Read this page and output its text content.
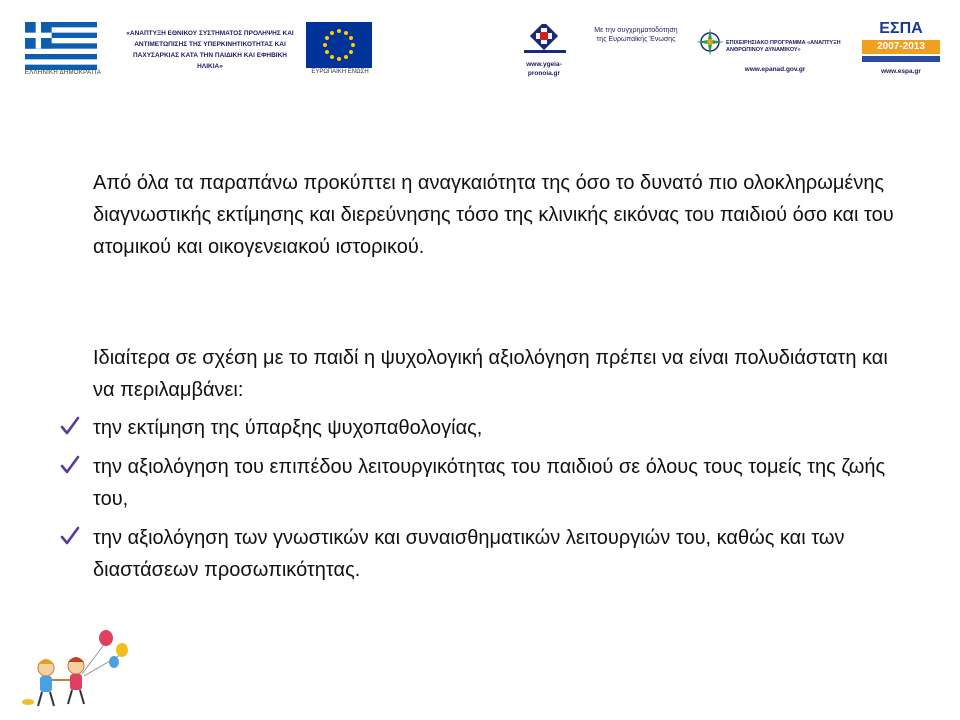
ΕΛΛΗΝΙΚΗ ΔΗΜΟΚΡΑΤΙΑ
«ΑΝΑΠΤΥΞΗ ΕΘΝΙΚΟΥ ΣΥΣΤΗΜΑΤΟΣ ΠΡΟΛΗΨΗΣ ΚΑΙ ΑΝΤΙΜΕΤΩΠΙΣΗΣ ΤΗΣ ΥΠΕΡΚΙΝΗΤΙΚΟΤΗΤΑΣ ΚΑΙ ΠΑΧΥΣΑΡΚΙΑΣ ΚΑΤΑ ΤΗΝ ΠΑΙΔΙΚΗ ΚΑΙ ΕΦΗΒΙΚΗ ΗΛΙΚΙΑ»
ΕΥΡΩΠΑΪΚΗ ΕΝΩΣΗ
www.ygeia-pronoia.gr
Με την συγχρηματοδότηση της Ευρωπαϊκής Ένωσης	ΕΠΙΧΕΙΡΗΣΙΑΚΟ ΠΡΟΓΡΑΜΜΑ «ΑΝΑΠΤΥΞΗ ΑΝΘΡΩΠΙΝΟΥ ΔΥΝΑΜΙΚΟΥ»
www.epanad.gov.gr
ΕΣΠΑ
2007-2013
www.espa.gr
Από όλα τα παραπάνω προκύπτει η αναγκαιότητα της όσο το δυνατό πιο ολοκληρωμένης διαγνωστικής εκτίμησης και διερεύνησης τόσο της κλινικής εικόνας του παιδιού όσο και του ατομικού και οικογενειακού ιστορικού.
Ιδιαίτερα σε σχέση με το παιδί η ψυχολογική αξιολόγηση πρέπει να είναι πολυδιάστατη και να περιλαμβάνει:
την εκτίμηση της ύπαρξης ψυχοπαθολογίας,
την αξιολόγηση του επιπέδου λειτουργικότητας του παιδιού σε όλους τους τομείς της ζωής του,
την αξιολόγηση των γνωστικών και συναισθηματικών λειτουργιών του, καθώς και των διαστάσεων προσωπικότητας.
